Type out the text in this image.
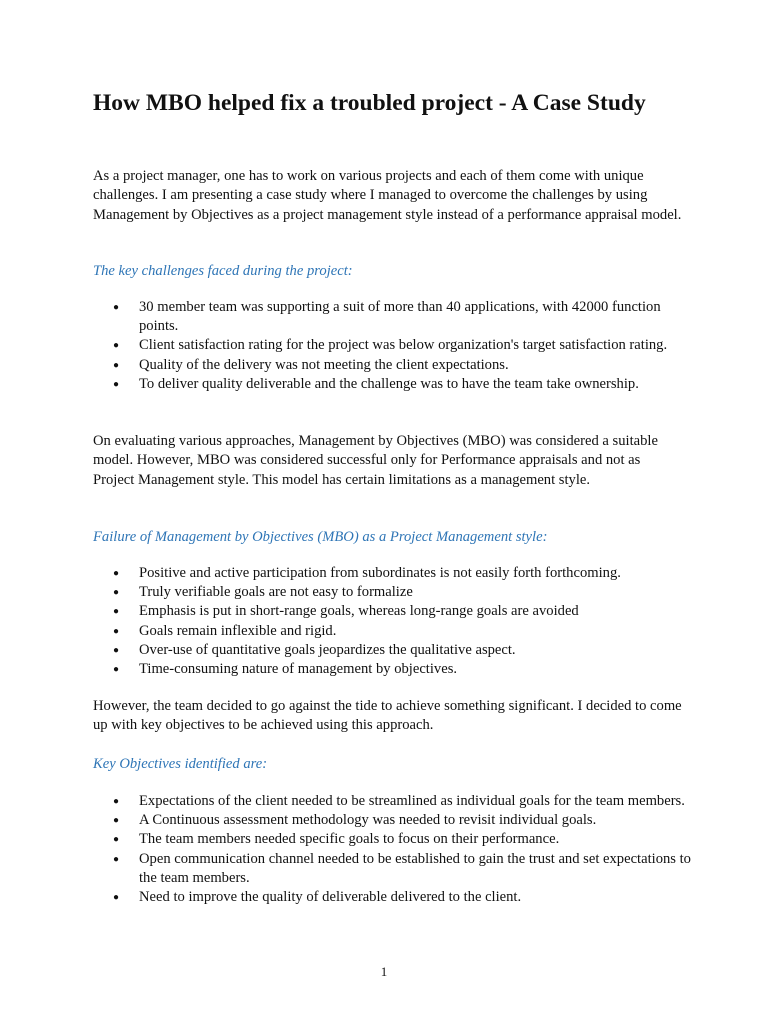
How MBO helped fix a troubled project - A Case Study

As a project manager, one has to work on various projects and each of them come with unique challenges. I am presenting a case study where I managed to overcome the challenges by using Management by Objectives as a project management style instead of a performance appraisal model.

The key challenges faced during the project:

● 30 member team was supporting a suit of more than 40 applications, with 42000 function points.
● Client satisfaction rating for the project was below organization's target satisfaction rating.
● Quality of the delivery was not meeting the client expectations.
● To deliver quality deliverable and the challenge was to have the team take ownership.

On evaluating various approaches, Management by Objectives (MBO) was considered a suitable model. However, MBO was considered successful only for Performance appraisals and not as Project Management style. This model has certain limitations as a management style.

Failure of Management by Objectives (MBO) as a Project Management style:

● Positive and active participation from subordinates is not easily forth forthcoming.
● Truly verifiable goals are not easy to formalize
● Emphasis is put in short-range goals, whereas long-range goals are avoided
● Goals remain inflexible and rigid.
● Over-use of quantitative goals jeopardizes the qualitative aspect.
● Time-consuming nature of management by objectives.

However, the team decided to go against the tide to achieve something significant. I decided to come up with key objectives to be achieved using this approach.

Key Objectives identified are:

● Expectations of the client needed to be streamlined as individual goals for the team members.
● A Continuous assessment methodology was needed to revisit individual goals.
● The team members needed specific goals to focus on their performance.
● Open communication channel needed to be established to gain the trust and set expectations to the team members.
● Need to improve the quality of deliverable delivered to the client.
1
